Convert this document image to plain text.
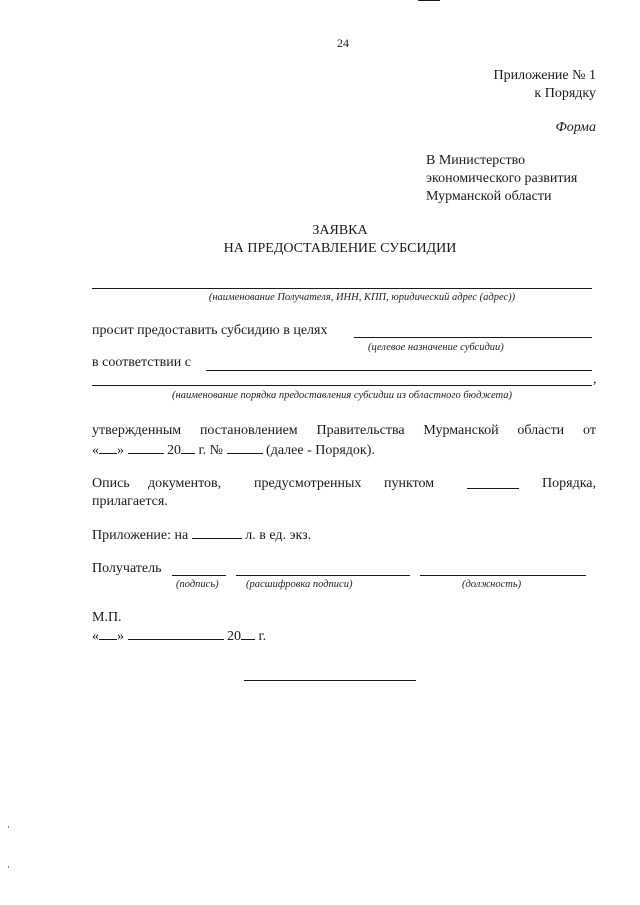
24
Приложение № 1
к Порядку
Форма
В Министерство
экономического развития
Мурманской области
ЗАЯВКА
НА ПРЕДОСТАВЛЕНИЕ СУБСИДИИ
(наименование Получателя, ИНН, КПП, юридический адрес (адрес))
просит предоставить субсидию в целях
(целевое назначение субсидии)
в соответствии с
,
(наименование порядка предоставления субсидии из областного бюджета)
утвержденным постановлением Правительства Мурманской области от
« »	20 г. №	(далее - Порядок).
Опись документов, предусмотренных пунктом	Порядка,
прилагается.
Приложение: на	л. в ед. экз.
Получатель
(подпись)	(расшифровка подписи)	(должность)
М.П.
« »	20 г.
